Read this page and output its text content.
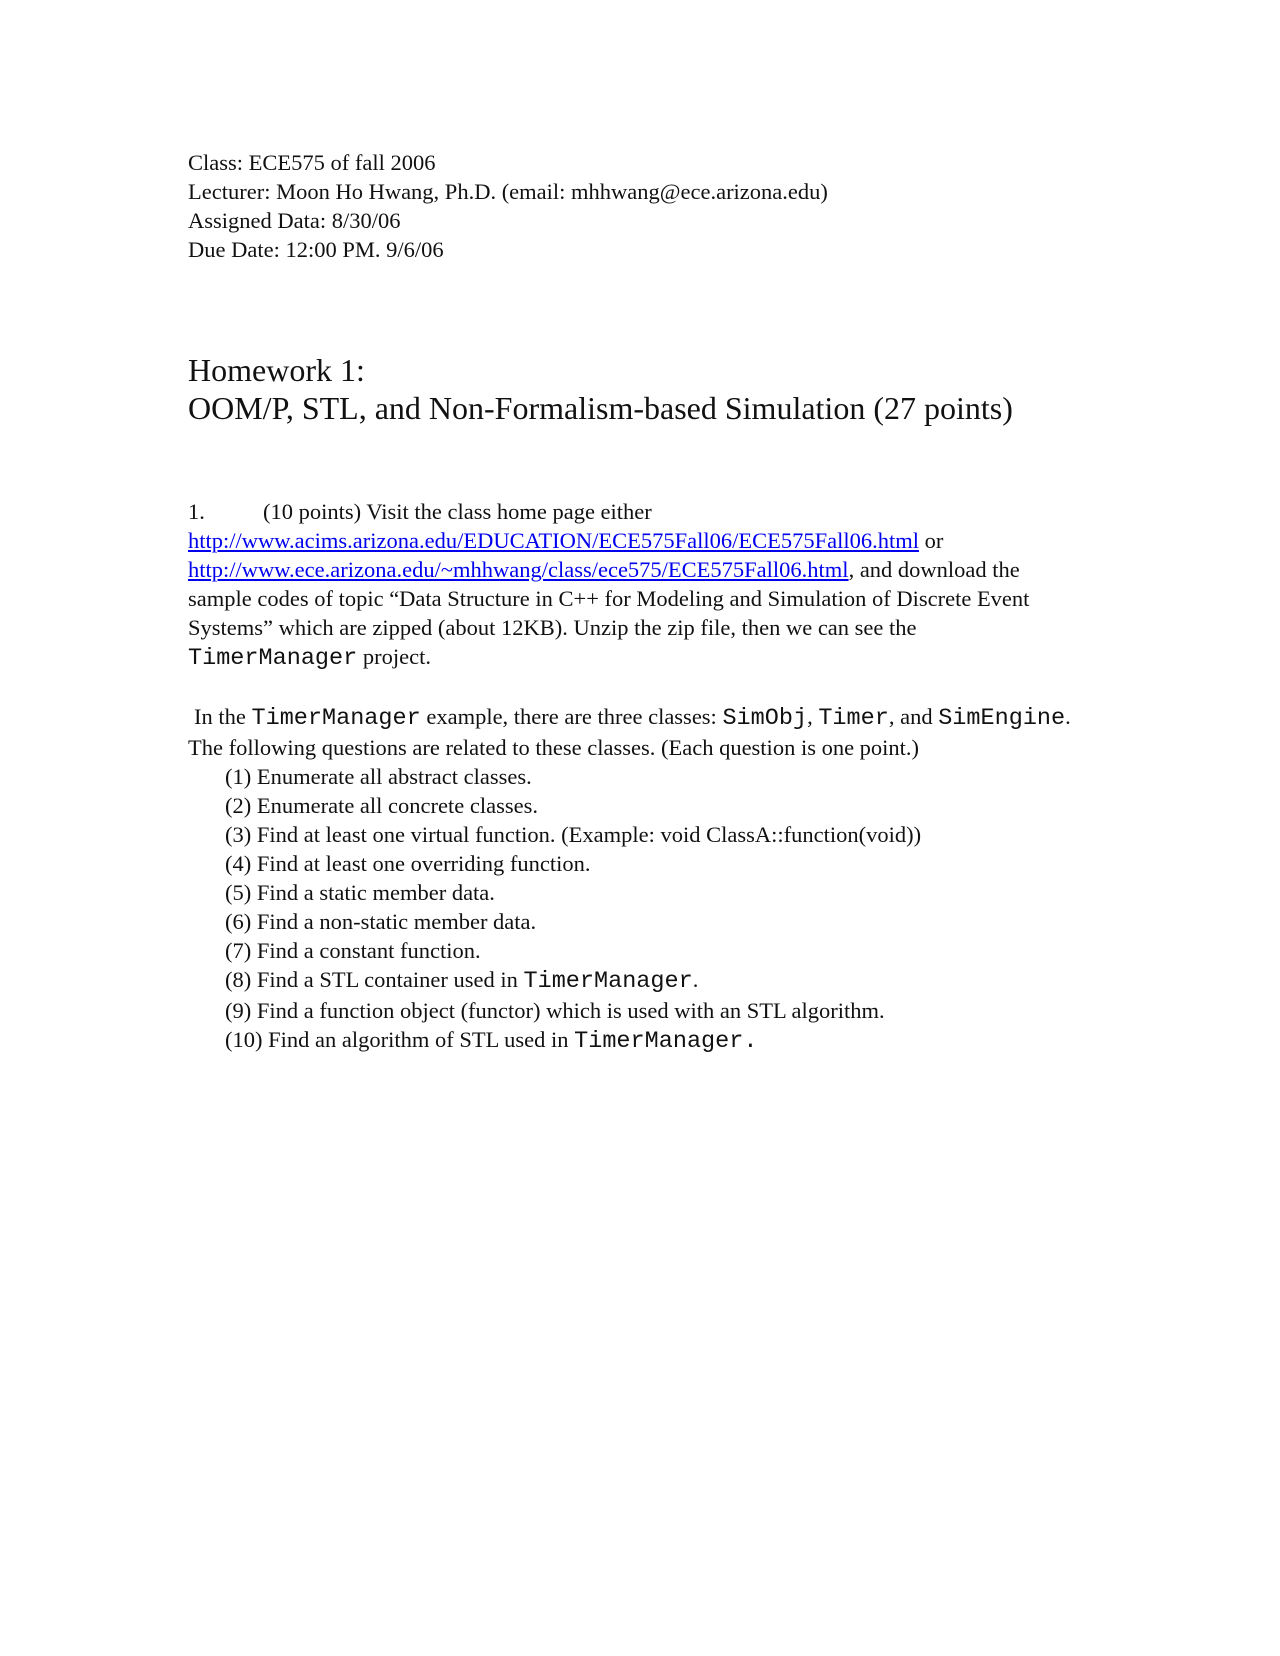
Class: ECE575 of fall 2006
Lecturer: Moon Ho Hwang, Ph.D. (email: mhhwang@ece.arizona.edu)
Assigned Data: 8/30/06
Due Date: 12:00 PM. 9/6/06
Homework 1:
OOM/P, STL, and Non-Formalism-based Simulation (27 points)
1.	(10 points) Visit the class home page either
http://www.acims.arizona.edu/EDUCATION/ECE575Fall06/ECE575Fall06.html or
http://www.ece.arizona.edu/~mhhwang/class/ece575/ECE575Fall06.html, and download the sample codes of topic “Data Structure in C++ for Modeling and Simulation of Discrete Event Systems” which are zipped (about 12KB). Unzip the zip file, then we can see the TimerManager project.
In the TimerManager example, there are three classes: SimObj, Timer, and SimEngine. The following questions are related to these classes. (Each question is one point.)
(1) Enumerate all abstract classes.
(2) Enumerate all concrete classes.
(3) Find at least one virtual function. (Example: void ClassA::function(void))
(4) Find at least one overriding function.
(5) Find a static member data.
(6) Find a non-static member data.
(7) Find a constant function.
(8) Find a STL container used in TimerManager.
(9) Find a function object (functor) which is used with an STL algorithm.
(10) Find an algorithm of STL used in TimerManager.
